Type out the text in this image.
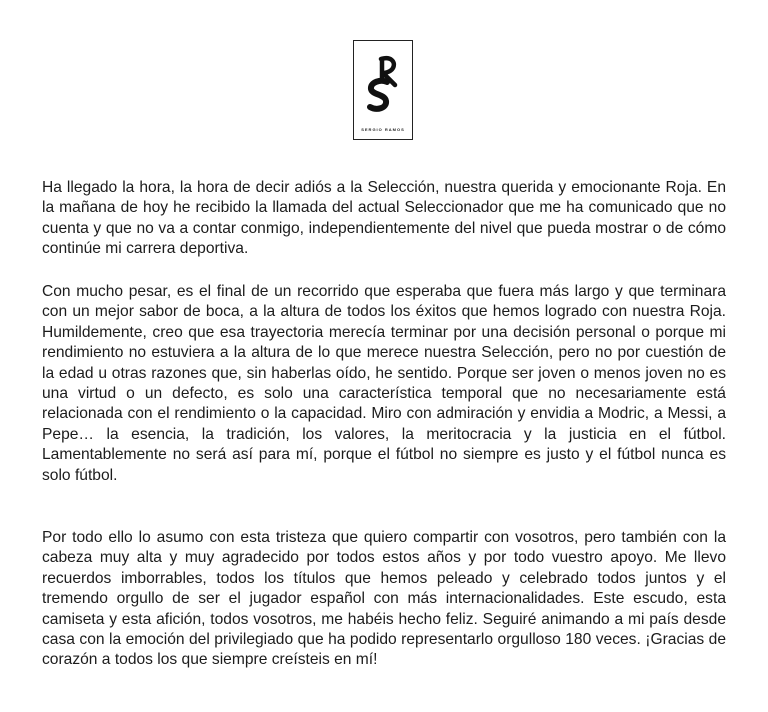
SERGIO RAMOS

Ha llegado la hora, la hora de decir adiós a la Selección, nuestra querida y emocionante Roja. En la mañana de hoy he recibido la llamada del actual Seleccionador que me ha comunicado que no cuenta y que no va a contar conmigo, independientemente del nivel que pueda mostrar o de cómo continúe mi carrera deportiva.

Con mucho pesar, es el final de un recorrido que esperaba que fuera más largo y que terminara con un mejor sabor de boca, a la altura de todos los éxitos que hemos logrado con nuestra Roja. Humildemente, creo que esa trayectoria merecía terminar por una decisión personal o porque mi rendimiento no estuviera a la altura de lo que merece nuestra Selección, pero no por cuestión de la edad u otras razones que, sin haberlas oído, he sentido. Porque ser joven o menos joven no es una virtud o un defecto, es solo una característica temporal que no necesariamente está relacionada con el rendimiento o la capacidad. Miro con admiración y envidia a Modric, a Messi, a Pepe… la esencia, la tradición, los valores, la meritocracia y la justicia en el fútbol. Lamentablemente no será así para mí, porque el fútbol no siempre es justo y el fútbol nunca es solo fútbol.

Por todo ello lo asumo con esta tristeza que quiero compartir con vosotros, pero también con la cabeza muy alta y muy agradecido por todos estos años y por todo vuestro apoyo. Me llevo recuerdos imborrables, todos los títulos que hemos peleado y celebrado todos juntos y el tremendo orgullo de ser el jugador español con más internacionalidades. Este escudo, esta camiseta y esta afición, todos vosotros, me habéis hecho feliz. Seguiré animando a mi país desde casa con la emoción del privilegiado que ha podido representarlo orgulloso 180 veces. ¡Gracias de corazón a todos los que siempre creísteis en mí!
